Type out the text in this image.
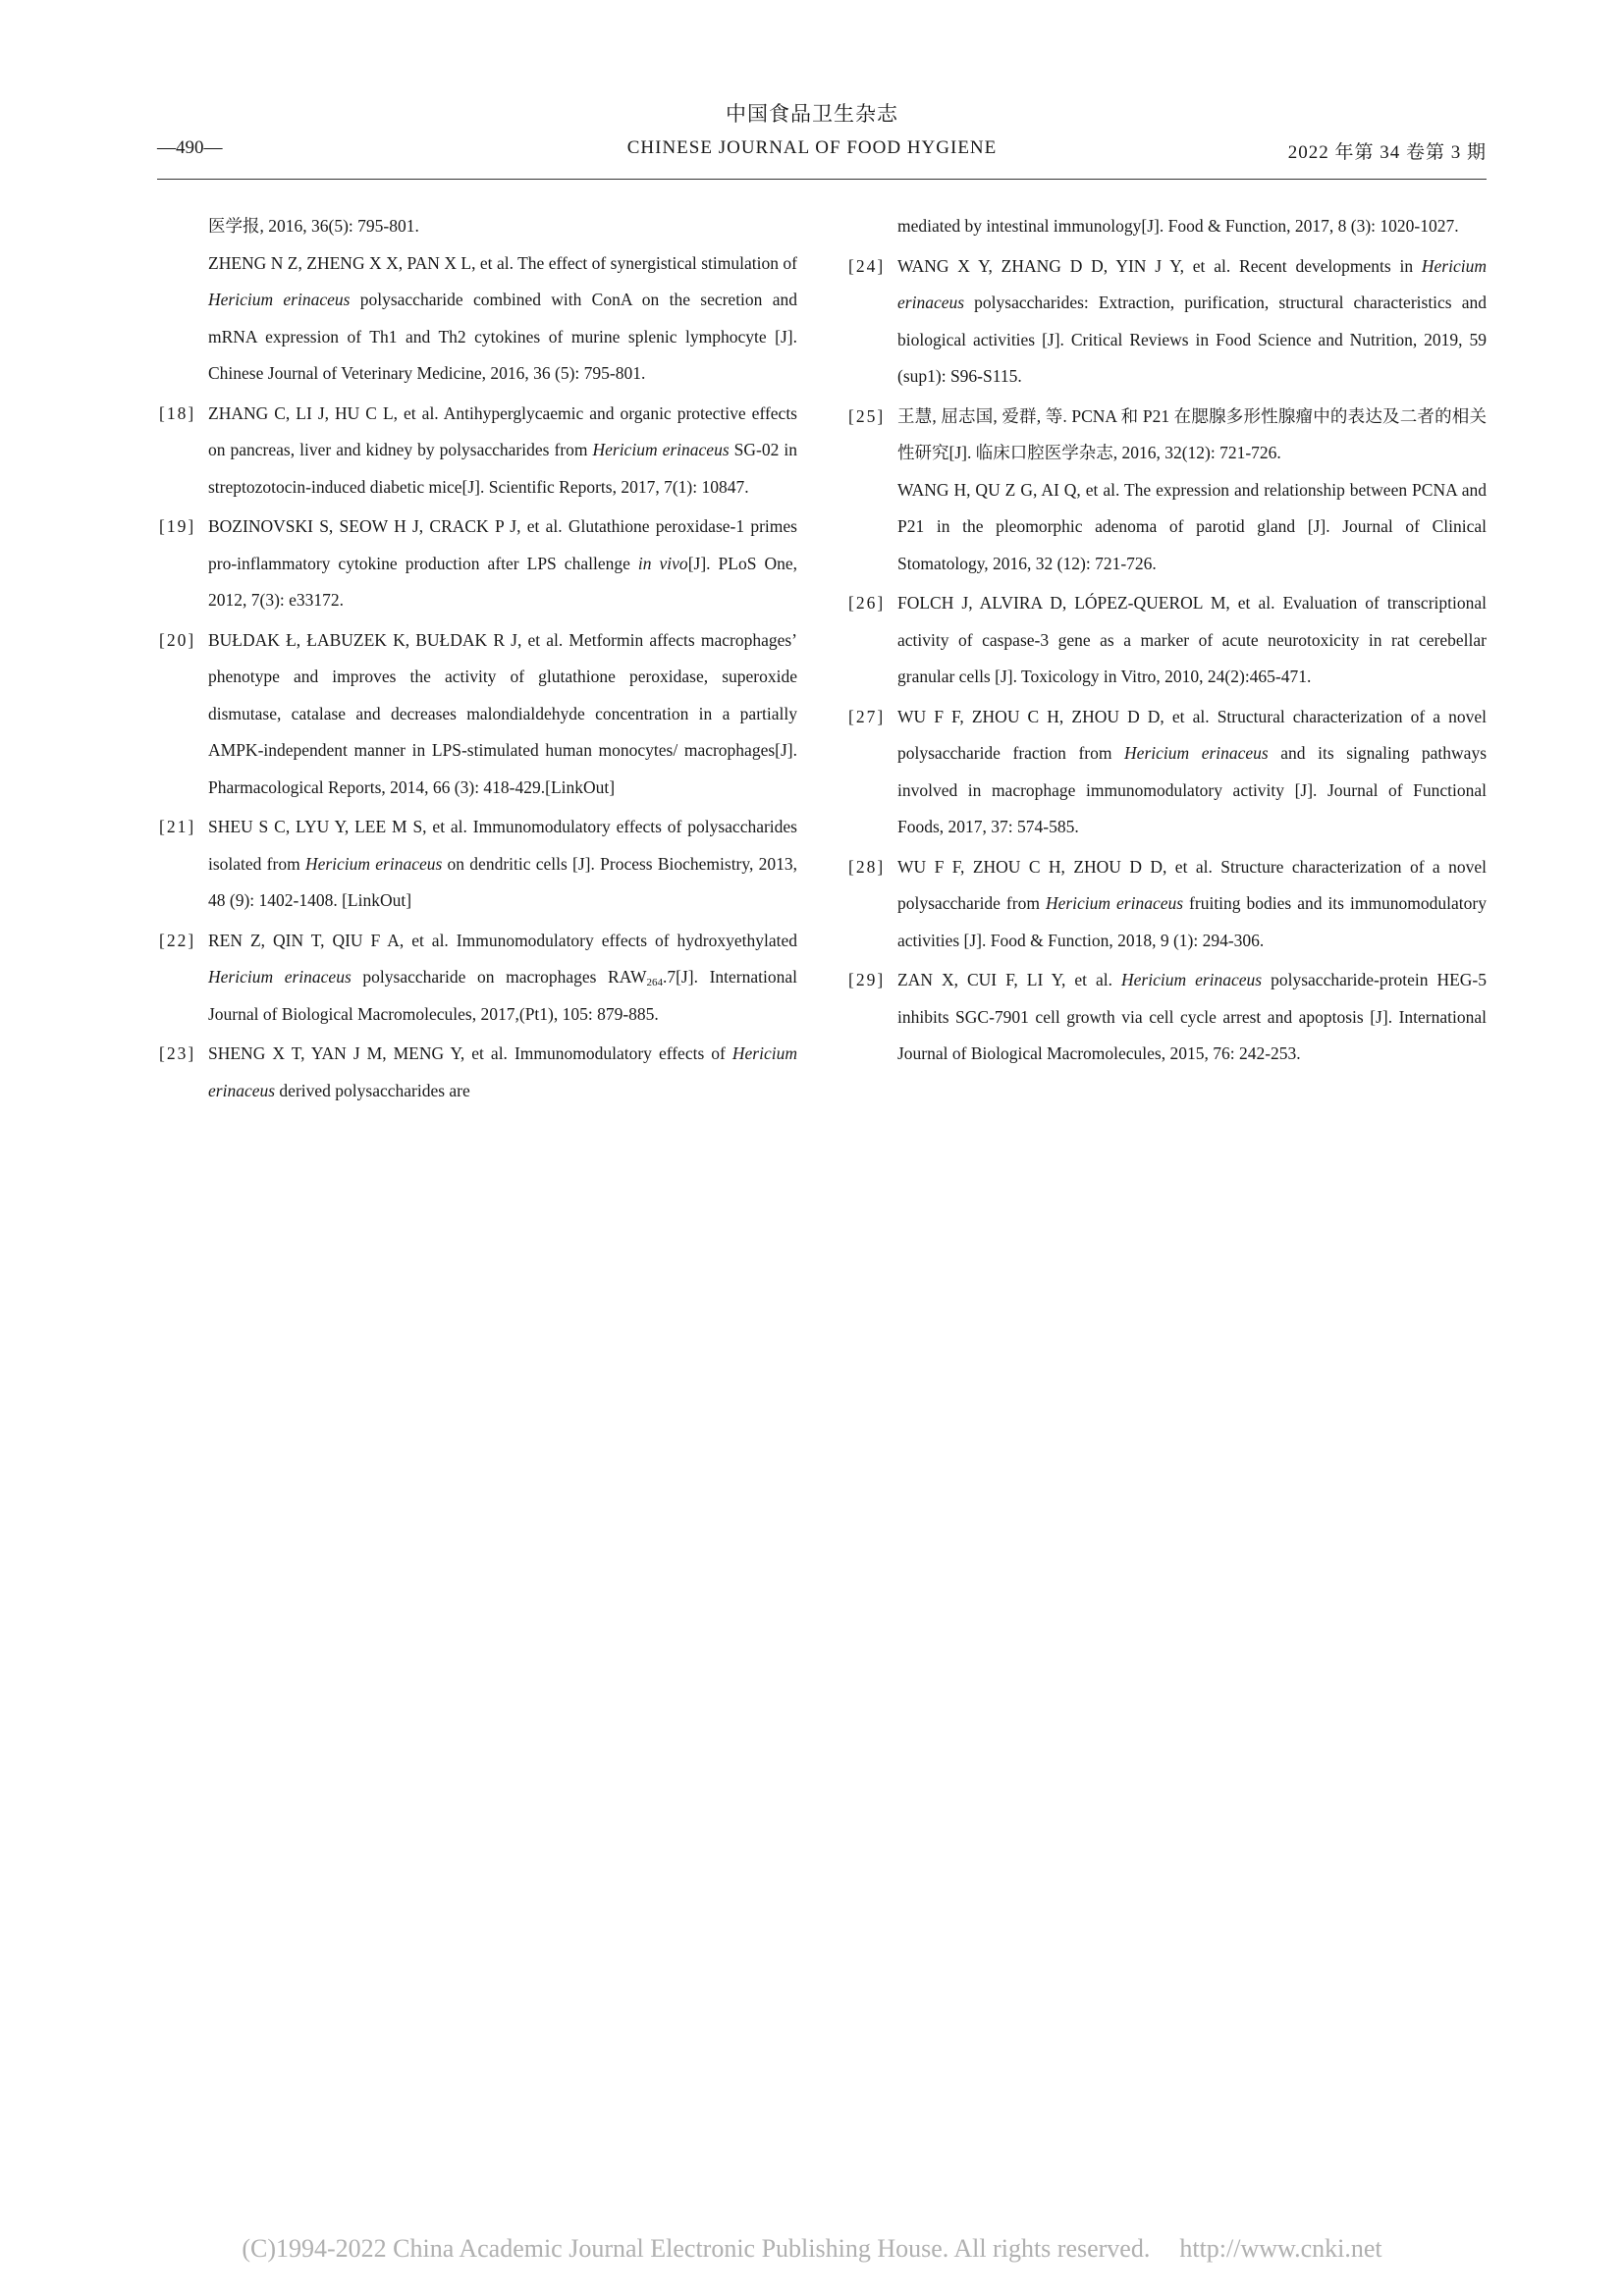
中国食品卫生杂志
CHINESE JOURNAL OF FOOD HYGIENE
—490—	2022 年第 34 卷第 3 期

医学报, 2016, 36(5): 795-801.

ZHENG N Z, ZHENG X X, PAN X L, et al. The effect of synergistical stimulation of Hericium erinaceus polysaccharide combined with ConA on the secretion and mRNA expression of Th1 and Th2 cytokines of murine splenic lymphocyte [J]. Chinese Journal of Veterinary Medicine, 2016, 36 (5): 795-801.

[18] ZHANG C, LI J, HU C L, et al. Antihyperglycaemic and organic protective effects on pancreas, liver and kidney by polysaccharides from Hericium erinaceus SG-02 in streptozotocin-induced diabetic mice[J]. Scientific Reports, 2017, 7(1): 10847.

[19] BOZINOVSKI S, SEOW H J, CRACK P J, et al. Glutathione peroxidase-1 primes pro-inflammatory cytokine production after LPS challenge in vivo[J]. PLoS One, 2012, 7(3): e33172.

[20] BUŁDAK Ł, ŁABUZEK K, BUŁDAK R J, et al. Metformin affects macrophages’ phenotype and improves the activity of glutathione peroxidase, superoxide dismutase, catalase and decreases malondialdehyde concentration in a partially AMPK-independent manner in LPS-stimulated human monocytes/ macrophages[J]. Pharmacological Reports, 2014, 66 (3): 418-429.[LinkOut]

[21] SHEU S C, LYU Y, LEE M S, et al. Immunomodulatory effects of polysaccharides isolated from Hericium erinaceus on dendritic cells [J]. Process Biochemistry, 2013, 48 (9): 1402-1408. [LinkOut]

[22] REN Z, QIN T, QIU F A, et al. Immunomodulatory effects of hydroxyethylated Hericium erinaceus polysaccharide on macrophages $RAW_{264}.7[J]$. International Journal of Biological Macromolecules, 2017,(Pt1), 105: 879-885.

[23] SHENG X T, YAN J M, MENG Y, et al. Immunomodulatory effects of Hericium erinaceus derived polysaccharides are

mediated by intestinal immunology[J]. Food & Function, 2017, 8 (3): 1020-1027.

[24] WANG X Y, ZHANG D D, YIN J Y, et al. Recent developments in Hericium erinaceus polysaccharides: Extraction, purification, structural characteristics and biological activities [J]. Critical Reviews in Food Science and Nutrition, 2019, 59 (sup1): S96-S115.

[25] 王慧, 屈志国, 爱群, 等. PCNA 和 P21 在腮腺多形性腺瘤中的表达及二者的相关性研究[J]. 临床口腔医学杂志, 2016, 32(12): 721-726.

WANG H, QU Z G, AI Q, et al. The expression and relationship between PCNA and P21 in the pleomorphic adenoma of parotid gland [J]. Journal of Clinical Stomatology, 2016, 32 (12): 721-726.

[26] FOLCH J, ALVIRA D, LÓPEZ-QUEROL M, et al. Evaluation of transcriptional activity of caspase-3 gene as a marker of acute neurotoxicity in rat cerebellar granular cells [J]. Toxicology in Vitro, 2010, 24(2):465-471.

[27] WU F F, ZHOU C H, ZHOU D D, et al. Structural characterization of a novel polysaccharide fraction from Hericium erinaceus and its signaling pathways involved in macrophage immunomodulatory activity [J]. Journal of Functional Foods, 2017, 37: 574-585.

[28] WU F F, ZHOU C H, ZHOU D D, et al. Structure characterization of a novel polysaccharide from Hericium erinaceus fruiting bodies and its immunomodulatory activities [J]. Food & Function, 2018, 9 (1): 294-306.

[29] ZAN X, CUI F, LI Y, et al. Hericium erinaceus polysaccharide-protein HEG-5 inhibits SGC-7901 cell growth via cell cycle arrest and apoptosis [J]. International Journal of Biological Macromolecules, 2015, 76: 242-253.

(C)1994-2022 China Academic Journal Electronic Publishing House. All rights reserved. http://www.cnki.net
